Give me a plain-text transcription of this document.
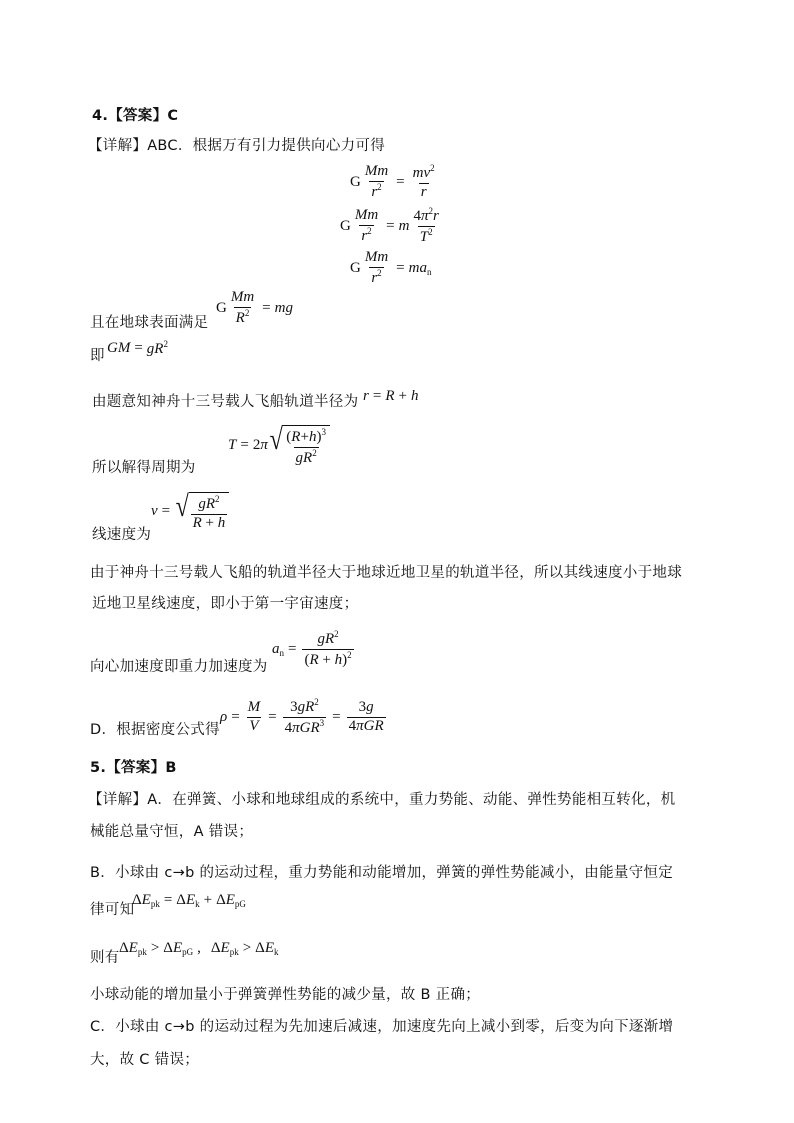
4.【答案】C
【详解】ABC．根据万有引力提供向心力可得
G $\frac{Mm}{r^2} = \frac{mv^2}{r}$
G $\frac{Mm}{r^2} = m \frac{4\pi^2r}{T^2}$
G $\frac{Mm}{r^2} = ma_n$
且在地球表面满足
G $\frac{Mm}{R^2}$ = mg
即 GM = $gR^2$
由题意知神舟十三号载人飞船轨道半径为 r = R + h
所以解得周期为
T = 2 π √ $\frac{(R+h)^3}{gR^2}$
线速度为
v = √ $\frac{gR^2}{R + h}$
由于神舟十三号载人飞船的轨道半径大于地球近地卫星的轨道半径，所以其线速度小于地球
近地卫星线速度，即小于第一宇宙速度；
向心加速度即重力加速度为
$a_n = \frac{gR^2}{(R + h)^2}$
D．根据密度公式得
$\rho = \frac{M}{V} = \frac{3gR^2}{4\pi GR^3} = \frac{3g}{\text{4πGR}}$
5.【答案】B
【详解】A．在弹簧、小球和地球组成的系统中，重力势能、动能、弹性势能相互转化，机
械能总量守恒，A 错误；
B．小球由 c→b 的运动过程，重力势能和动能增加，弹簧的弹性势能减小，由能量守恒定
律可知
Δ $E_{pk} = \Delta$ $E_k + \Delta$ $E_{pG}$
则有
Δ $E_{pk} > \Delta$ $E_{pG}$ , Δ $E_{pk} > \Delta$ $E_k$
小球动能的增加量小于弹簧弹性势能的减少量，故 B 正确；
C．小球由 c→b 的运动过程为先加速后减速，加速度先向上减小到零，后变为向下逐渐增
大，故 C 错误；
